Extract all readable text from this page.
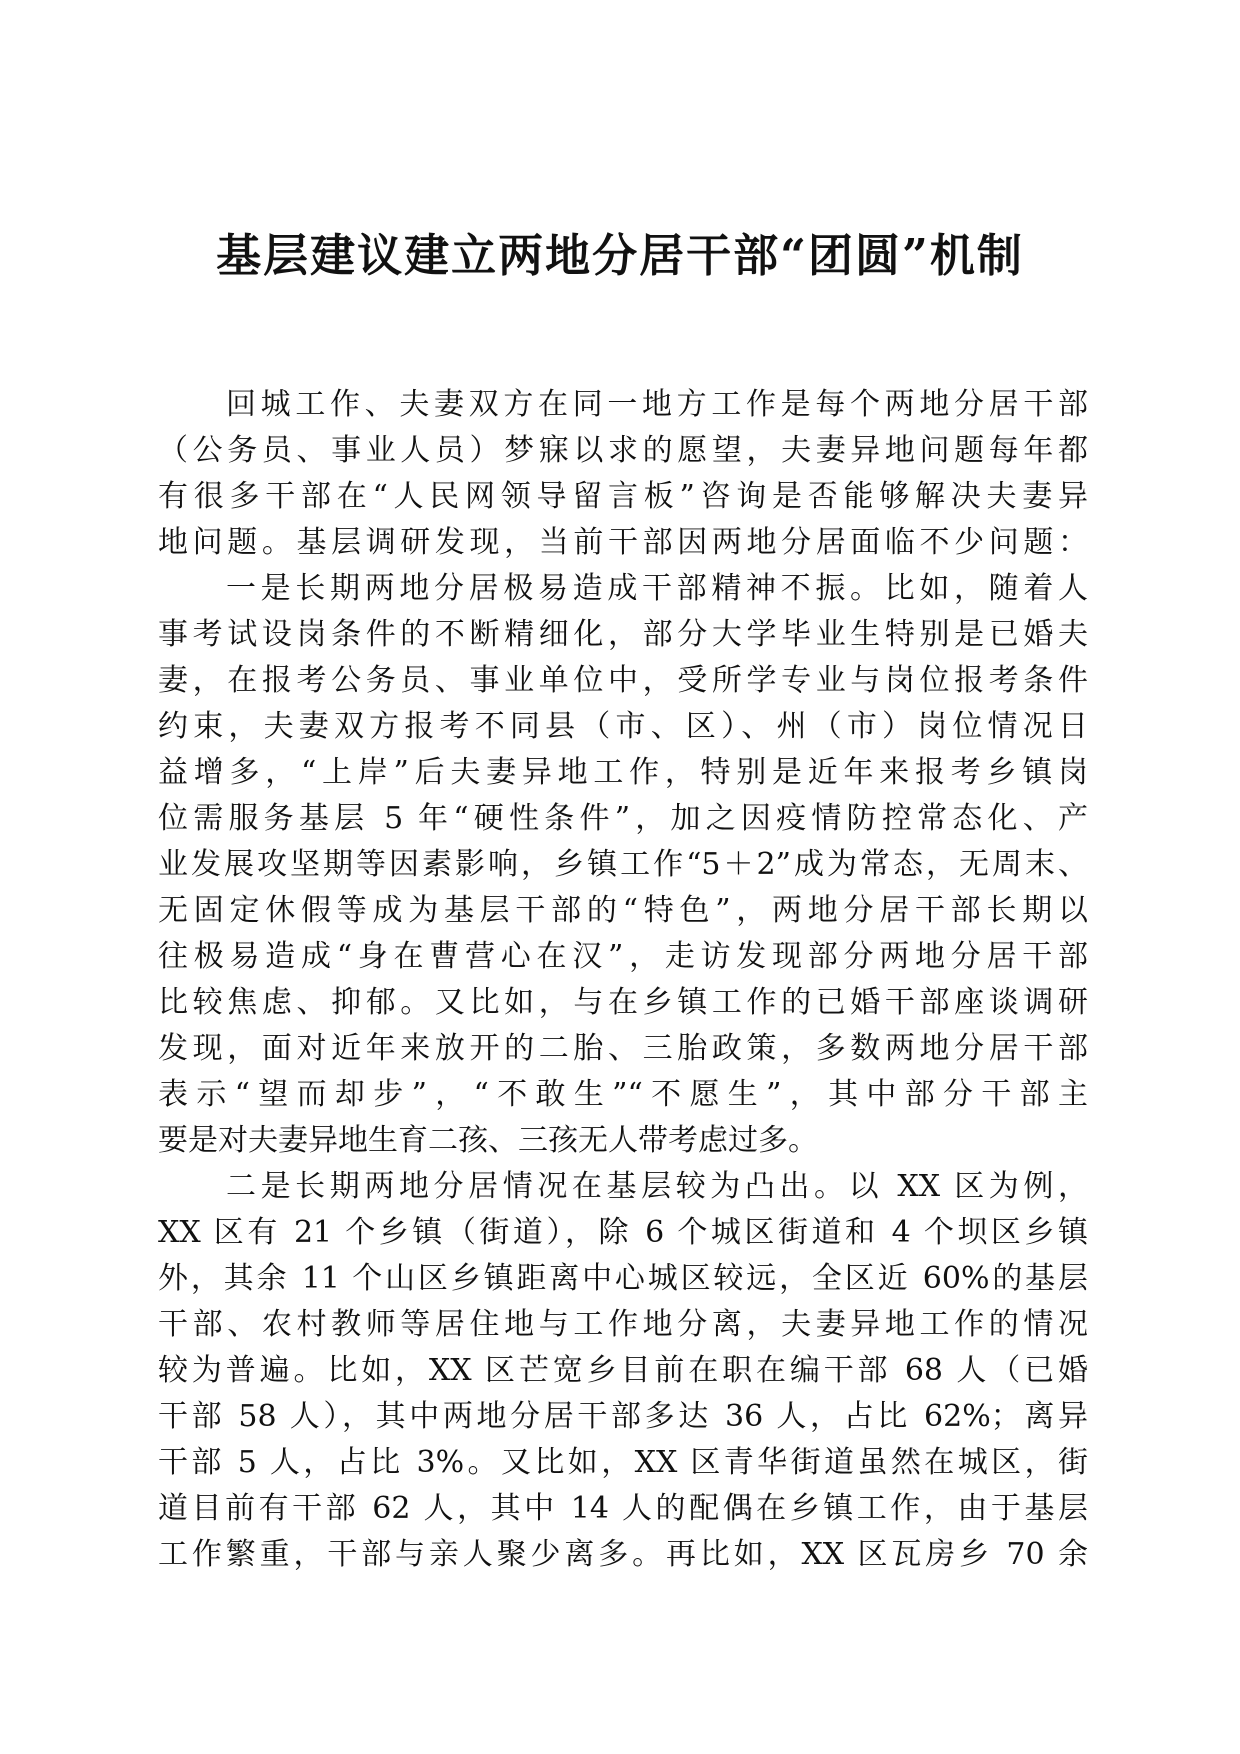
基层建议建立两地分居干部“团圆”机制

回城工作、夫妻双方在同一地方工作是每个两地分居干部

（公务员、事业人员）梦寐以求的愿望，夫妻异地问题每年都

有很多干部在“人民网领导留言板”咨询是否能够解决夫妻异

地问题。基层调研发现，当前干部因两地分居面临不少问题：

一是长期两地分居极易造成干部精神不振。比如，随着人

事考试设岗条件的不断精细化，部分大学毕业生特别是已婚夫

妻，在报考公务员、事业单位中，受所学专业与岗位报考条件

约束，夫妻双方报考不同县（市、区）、州（市）岗位情况日

益增多，“上岸”后夫妻异地工作，特别是近年来报考乡镇岗

位需服务基层 5 年“硬性条件”，加之因疫情防控常态化、产

业发展攻坚期等因素影响，乡镇工作“5＋2”成为常态，无周末、

无固定休假等成为基层干部的“特色”，两地分居干部长期以

往极易造成“身在曹营心在汉”，走访发现部分两地分居干部

比较焦虑、抑郁。又比如，与在乡镇工作的已婚干部座谈调研

发现，面对近年来放开的二胎、三胎政策，多数两地分居干部

表示“望而却步”，“不敢生”“不愿生”，其中部分干部主

要是对夫妻异地生育二孩、三孩无人带考虑过多。

二是长期两地分居情况在基层较为凸出。以 XX 区为例，

XX 区有 21 个乡镇（街道），除 6 个城区街道和 4 个坝区乡镇

外，其余 11 个山区乡镇距离中心城区较远，全区近 60%的基层

干部、农村教师等居住地与工作地分离，夫妻异地工作的情况

较为普遍。比如，XX 区芒宽乡目前在职在编干部 68 人（已婚

干部 58 人），其中两地分居干部多达 36 人，占比 62%；离异

干部 5 人，占比 3%。又比如，XX 区青华街道虽然在城区，街

道目前有干部 62 人，其中 14 人的配偶在乡镇工作，由于基层

工作繁重，干部与亲人聚少离多。再比如，XX 区瓦房乡 70 余
